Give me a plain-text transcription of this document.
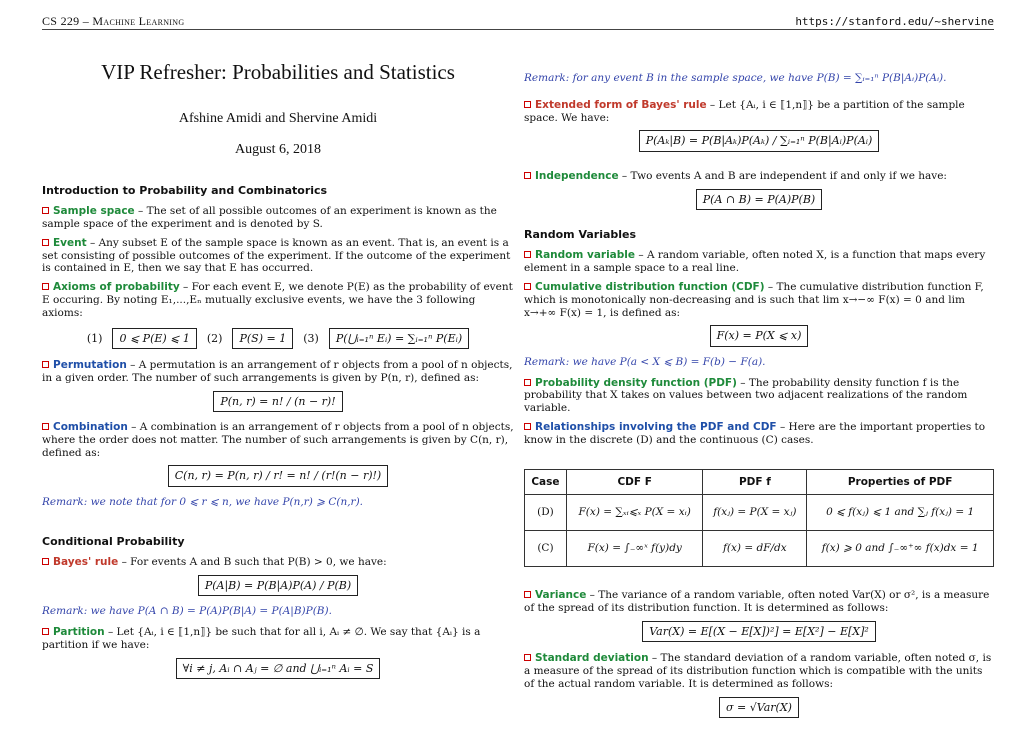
CS 229 – Machine Learning	https://stanford.edu/~shervine
VIP Refresher: Probabilities and Statistics
Afshine Amidi and Shervine Amidi
August 6, 2018
Introduction to Probability and Combinatorics
Sample space – The set of all possible outcomes of an experiment is known as the sample space of the experiment and is denoted by S.
Event – Any subset E of the sample space is known as an event. That is, an event is a set consisting of possible outcomes of the experiment. If the outcome of the experiment is contained in E, then we say that E has occurred.
Axioms of probability – For each event E, we denote P(E) as the probability of event E occuring. By noting E₁,...,Eₙ mutually exclusive events, we have the 3 following axioms:
(1)	0 ⩽ P(E) ⩽ 1	(2)	P(S) = 1	(3)	P(⋃ᵢ₌₁ⁿ Eᵢ) = ∑ᵢ₌₁ⁿ P(Eᵢ)
Permutation – A permutation is an arrangement of r objects from a pool of n objects, in a given order. The number of such arrangements is given by P(n, r), defined as:
P(n, r) = n! / (n − r)!
Combination – A combination is an arrangement of r objects from a pool of n objects, where the order does not matter. The number of such arrangements is given by C(n, r), defined as:
C(n, r) = P(n, r) / r! = n! / (r!(n − r)!)
Remark: we note that for 0 ⩽ r ⩽ n, we have P(n,r) ⩾ C(n,r).
Conditional Probability
Bayes' rule – For events A and B such that P(B) > 0, we have:
P(A|B) = P(B|A)P(A) / P(B)
Remark: we have P(A ∩ B) = P(A)P(B|A) = P(A|B)P(B).
Partition – Let {Aᵢ, i ∈ ⟦1,n⟧} be such that for all i, Aᵢ ≠ ∅. We say that {Aᵢ} is a partition if we have:
∀i ≠ j, Aᵢ ∩ Aⱼ = ∅ and ⋃ᵢ₌₁ⁿ Aᵢ = S
Remark: for any event B in the sample space, we have P(B) = ∑ᵢ₌₁ⁿ P(B|Aᵢ)P(Aᵢ).
Extended form of Bayes' rule – Let {Aᵢ, i ∈ ⟦1,n⟧} be a partition of the sample space. We have:
P(Aₖ|B) = P(B|Aₖ)P(Aₖ) / ∑ᵢ₌₁ⁿ P(B|Aᵢ)P(Aᵢ)
Independence – Two events A and B are independent if and only if we have:
P(A ∩ B) = P(A)P(B)
Random Variables
Random variable – A random variable, often noted X, is a function that maps every element in a sample space to a real line.
Cumulative distribution function (CDF) – The cumulative distribution function F, which is monotonically non-decreasing and is such that lim x→−∞ F(x) = 0 and lim x→+∞ F(x) = 1, is defined as:
F(x) = P(X ⩽ x)
Remark: we have P(a < X ⩽ B) = F(b) − F(a).
Probability density function (PDF) – The probability density function f is the probability that X takes on values between two adjacent realizations of the random variable.
Relationships involving the PDF and CDF – Here are the important properties to know in the discrete (D) and the continuous (C) cases.
Case	CDF F	PDF f	Properties of PDF
(D)	F(x) = ∑ₓᵢ⩽ₓ P(X = xᵢ)	f(xⱼ) = P(X = xⱼ)	0 ⩽ f(xⱼ) ⩽ 1 and ∑ⱼ f(xⱼ) = 1
(C)	F(x) = ∫₋∞ˣ f(y)dy	f(x) = dF/dx	f(x) ⩾ 0 and ∫₋∞⁺∞ f(x)dx = 1
Variance – The variance of a random variable, often noted Var(X) or σ², is a measure of the spread of its distribution function. It is determined as follows:
Var(X) = E[(X − E[X])²] = E[X²] − E[X]²
Standard deviation – The standard deviation of a random variable, often noted σ, is a measure of the spread of its distribution function which is compatible with the units of the actual random variable. It is determined as follows:
σ = √Var(X)
